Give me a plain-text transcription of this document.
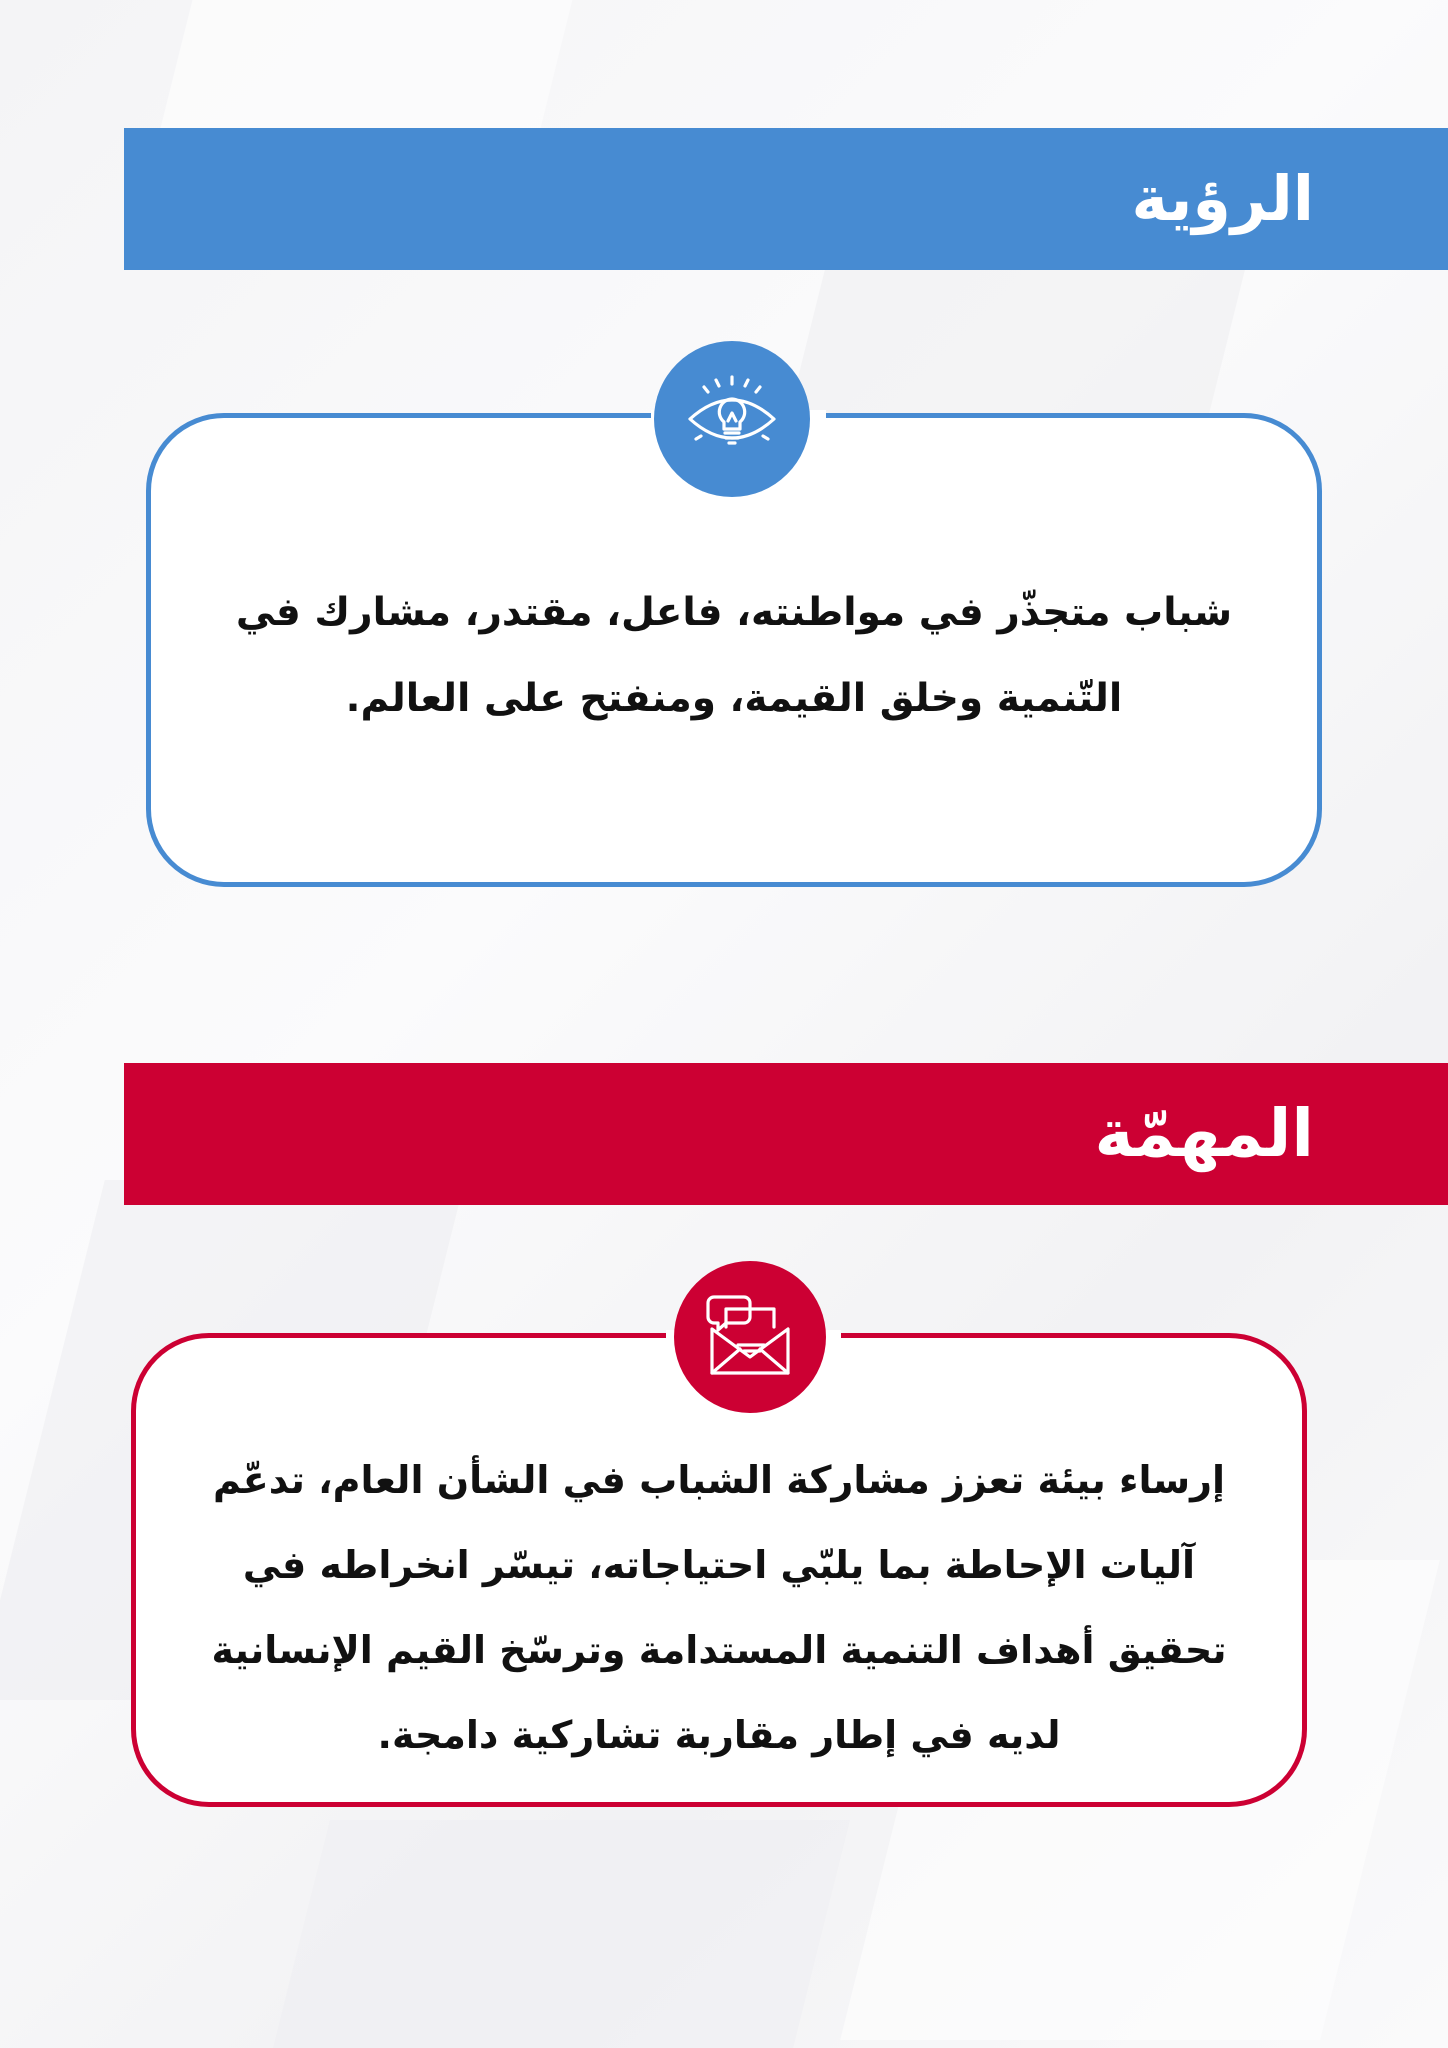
الرؤية
شباب متجذّر في مواطنته، فاعل، مقتدر، مشارك في
التّنمية وخلق القيمة، ومنفتح على العالم.
المهمّة
إرساء بيئة تعزز مشاركة الشباب في الشأن العام، تدعّم
آليات الإحاطة بما يلبّي احتياجاته، تيسّر انخراطه في
تحقيق أهداف التنمية المستدامة وترسّخ القيم الإنسانية
لديه في إطار مقاربة تشاركية دامجة.
